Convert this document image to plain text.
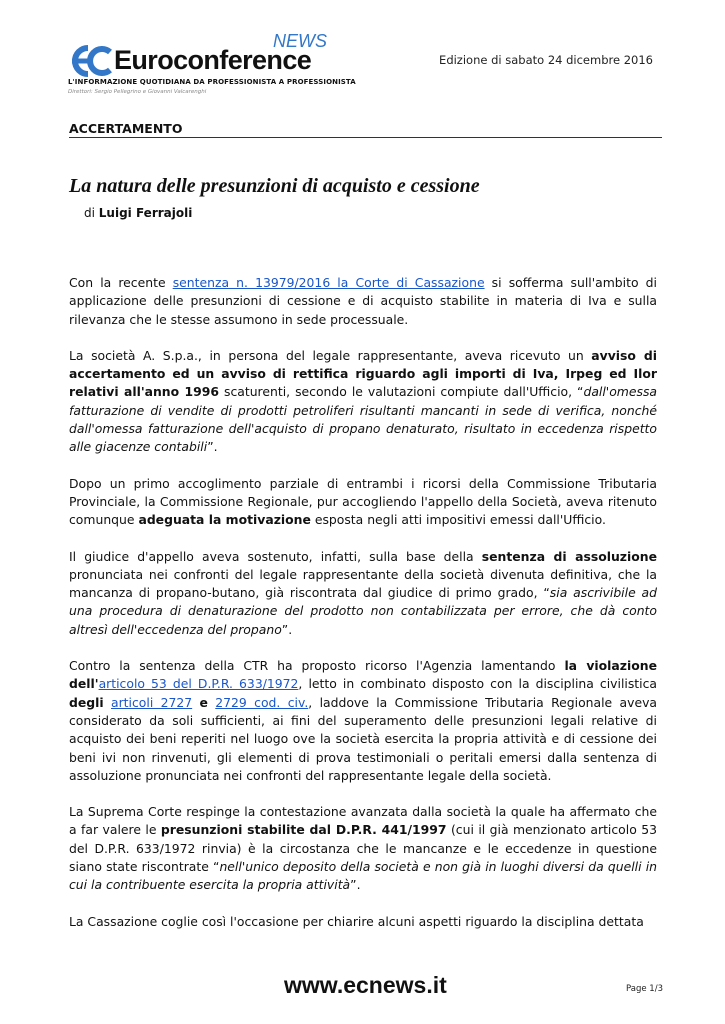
Euroconference
NEWS
L'INFORMAZIONE QUOTIDIANA DA PROFESSIONISTA A PROFESSIONISTA
Direttori: Sergio Pellegrino e Giovanni Valcarenghi
Edizione di sabato 24 dicembre 2016
ACCERTAMENTO
La natura delle presunzioni di acquisto e cessione
di Luigi Ferrajoli

Con la recente sentenza n. 13979/2016 la Corte di Cassazione si sofferma sull'ambito di applicazione delle presunzioni di cessione e di acquisto stabilite in materia di Iva e sulla rilevanza che le stesse assumono in sede processuale.

La società A. S.p.a., in persona del legale rappresentante, aveva ricevuto un avviso di accertamento ed un avviso di rettifica riguardo agli importi di Iva, Irpeg ed Ilor relativi all'anno 1996 scaturenti, secondo le valutazioni compiute dall'Ufficio, “dall'omessa fatturazione di vendite di prodotti petroliferi risultanti mancanti in sede di verifica, nonché dall'omessa fatturazione dell'acquisto di propano denaturato, risultato in eccedenza rispetto alle giacenze contabili”.

Dopo un primo accoglimento parziale di entrambi i ricorsi della Commissione Tributaria Provinciale, la Commissione Regionale, pur accogliendo l'appello della Società, aveva ritenuto comunque adeguata la motivazione esposta negli atti impositivi emessi dall'Ufficio.

Il giudice d'appello aveva sostenuto, infatti, sulla base della sentenza di assoluzione pronunciata nei confronti del legale rappresentante della società divenuta definitiva, che la mancanza di propano-butano, già riscontrata dal giudice di primo grado, “sia ascrivibile ad una procedura di denaturazione del prodotto non contabilizzata per errore, che dà conto altresì dell'eccedenza del propano”.

Contro la sentenza della CTR ha proposto ricorso l'Agenzia lamentando la violazione dell'articolo 53 del D.P.R. 633/1972, letto in combinato disposto con la disciplina civilistica degli articoli 2727 e 2729 cod. civ., laddove la Commissione Tributaria Regionale aveva considerato da soli sufficienti, ai fini del superamento delle presunzioni legali relative di acquisto dei beni reperiti nel luogo ove la società esercita la propria attività e di cessione dei beni ivi non rinvenuti, gli elementi di prova testimoniali o peritali emersi dalla sentenza di assoluzione pronunciata nei confronti del rappresentante legale della società.

La Suprema Corte respinge la contestazione avanzata dalla società la quale ha affermato che a far valere le presunzioni stabilite dal D.P.R. 441/1997 (cui il già menzionato articolo 53 del D.P.R. 633/1972 rinvia) è la circostanza che le mancanze e le eccedenze in questione siano state riscontrate “nell'unico deposito della società e non già in luoghi diversi da quelli in cui la contribuente esercita la propria attività”.

La Cassazione coglie così l'occasione per chiarire alcuni aspetti riguardo la disciplina dettata

www.ecnews.it	Page 1/3
